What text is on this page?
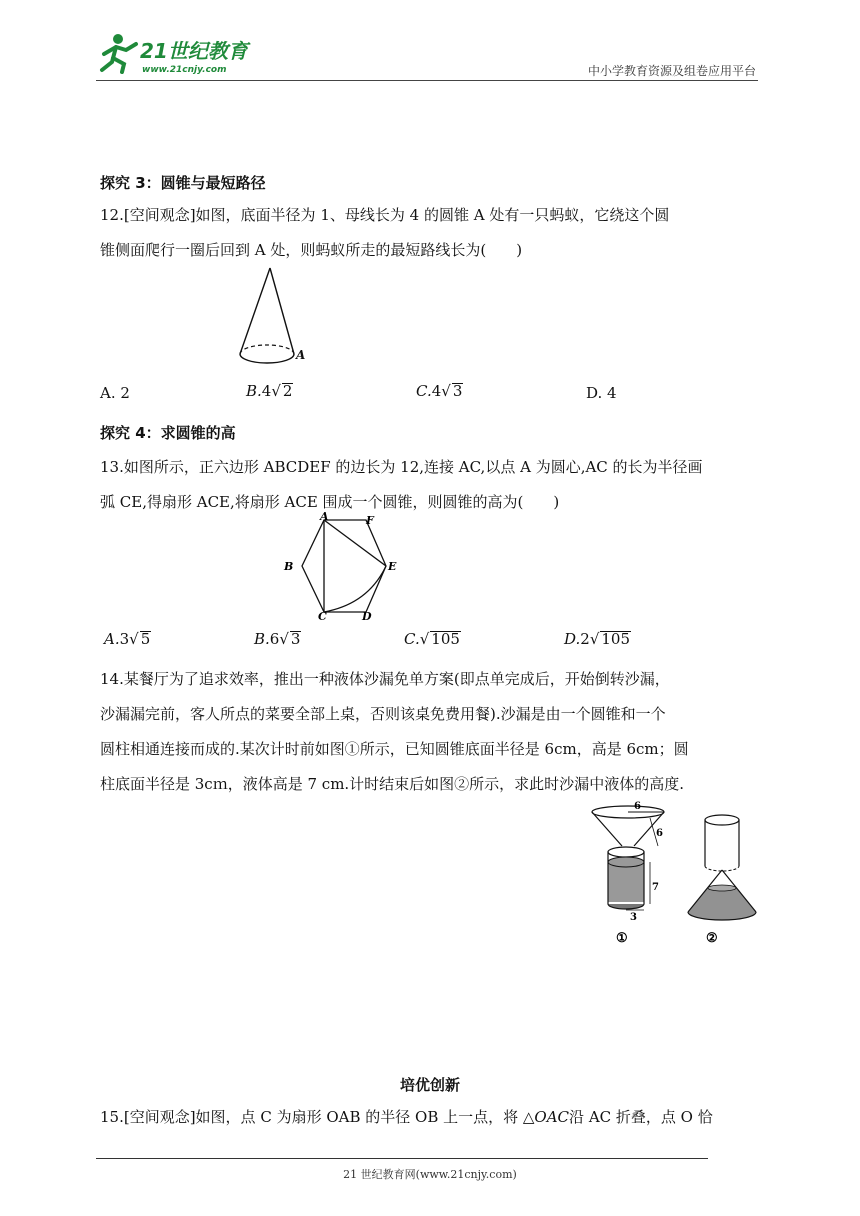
21世纪教育
www.21cnjy.com	中小学教育资源及组卷应用平台
探究 3：圆锥与最短路径
12.[空间观念]如图，底面半径为 1、母线长为 4 的圆锥 A 处有一只蚂蚁，它绕这个圆
锥侧面爬行一圈后回到 A 处，则蚂蚁所走的最短路线长为(　　)
A
A. 2	B.4√ 2	C.4√ 3	D. 4
探究 4：求圆锥的高
13.如图所示，正六边形 ABCDEF 的边长为 12,连接 AC,以点 A 为圆心,AC 的长为半径画
弧 CE,得扇形 ACE,将扇形 ACE 围成一个圆锥，则圆锥的高为(　　)
A	F
B	E
C	D
A.3√ 5	B.6√ 3	C.√ 105	D.2√ 105
14.某餐厅为了追求效率，推出一种液体沙漏免单方案(即点单完成后，开始倒转沙漏，
沙漏漏完前，客人所点的菜要全部上桌，否则该桌免费用餐).沙漏是由一个圆锥和一个
圆柱相通连接而成的.某次计时前如图①所示，已知圆锥底面半径是 6cm，高是 6cm；圆
柱底面半径是 3cｍ，液体高是 7 cm.计时结束后如图②所示，求此时沙漏中液体的高度.
6
6
7
3
①	②
培优创新
15.[空间观念]如图，点 C 为扇形 OAB 的半径 OB 上一点，将 △OAC沿 AC 折叠，点 O 恰
21 世纪教育网(www.21cnjy.com)
